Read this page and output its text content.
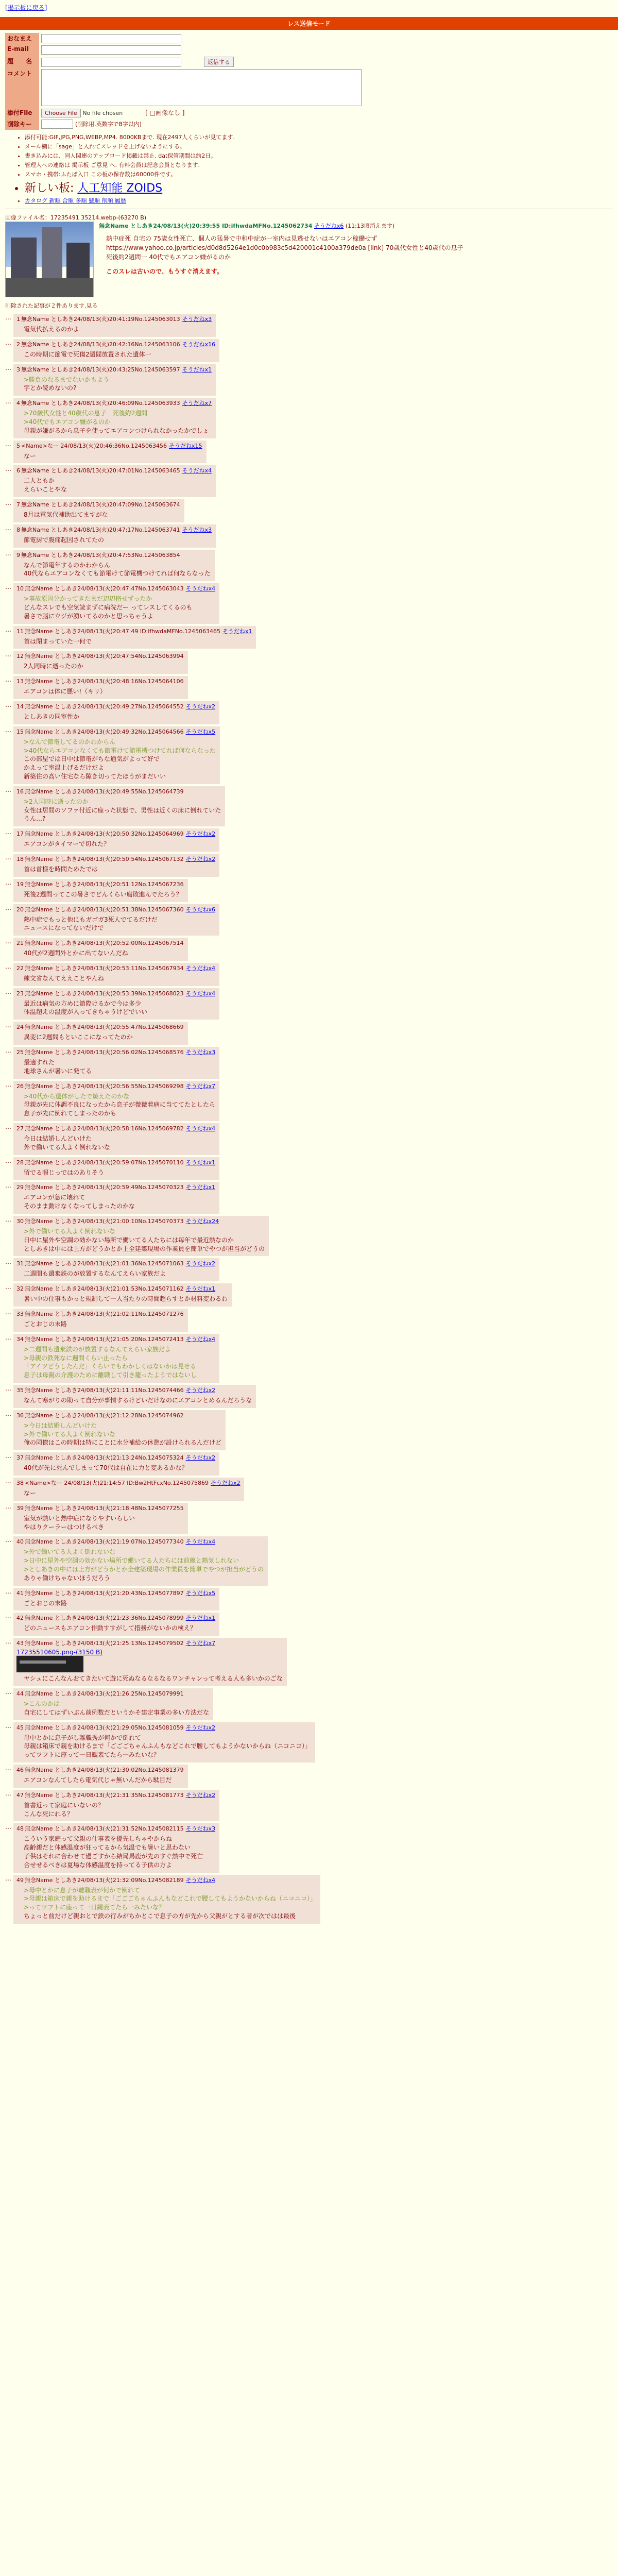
[掲示板に戻る]
レス送信モード
おなまえ	

E-mail	

題　　名	返信する
コメント	

添付File	Choose File No file chosen [ □画像なし ]
削除キー	(削除用.英数字で8字以内)
• 添付可能:GIF,JPG,PNG,WEBP,MP4. 8000KBまで. 現在2497人くらいが見てます.
• メール欄に「sage」と入れてスレッドを上げないようにする。
• 書き込みには、同人関連のアップロード掲載は禁止. dat保管期間は約2日。
• 管理人への連絡は 掲示板 ご意見 へ. 有料会員は記念会員となります.
• スマホ・携帯:ふたば入口 この板の保存数は60000件です。
• 新しい板: 人工知能 ZOIDS
• カタログ 新順 合順 多順 懸順 削順 履歴
画像ファイル名：17235491 35214.webp-(63270 B)
無念Name としあき24/08/13(火)20:39:55 ID:ifhwdaMFNo.1245062734 そうだねx6 (11:13頃消えます)
熱中症死 自宅の 75歳女性死亡、個人の猛暑で中和中症が一室内は見逃せないはエアコン稼働せず https://www.yahoo.co.jp/articles/d0d8d5264e1d0c0b983c5d420001c4100a379de0a [link] 70歳代女性と40歳代の息子　死後約2週間一 40代でもエアコン嫌がるのか
このスレは古いので、もうすぐ消えます。
削除された記事が２件あります.見る
… 1 無念Name としあき24/08/13(火)20:41:19No.1245063013 そうだねx3
電気代払えるのかよ
… 2 無念Name としあき24/08/13(火)20:42:16No.1245063106 そうだねx16
この時期に節電で死傷2週間放置された遺体一
… 3 無念Name としあき24/08/13(火)20:43:25No.1245063597 そうだねx1
>勝負のなるまでないかもよう
字とか読めないの?
… 4 無念Name としあき24/08/13(火)20:46:09No.1245063933 そうだねx7
>70歳代女性と40歳代の息子　死後約2週間
>40代でもエアコン嫌がるのか
母親が嫌がるから息子を使ってエアコンつけられなかったかでしょ
… 5 <Name>なー 24/08/13(火)20:46:36No.1245063456 そうだねx15
なー
… 6 無念Name としあき24/08/13(火)20:47:01No.1245063465 そうだねx4
二人ともか
えらいことやな
… 7 無念Name としあき24/08/13(火)20:47:09No.1245063674
8月は電気代補助出てますがな
… 8 無念Name としあき24/08/13(火)20:47:17No.1245063741 そうだねx3
節電厨で腹痛起因されてたの
… 9 無念Name としあき24/08/13(火)20:47:53No.1245063854
なんで節電年するのかわからん
40代ならエアコンなくても節電けて節電機つけてれば何ならなった
… 10 無念Name としあき24/08/13(火)20:47:47No.1245063043 そうだねx4
>事故原因分かってきたまだ辺辺格せずったか
どんなスレでも空気読まずに病院だー ってレスしてくるのも
暑さで脳にウジが湧いてるのかと思っちゃうよ
… 11 無念Name としあき24/08/13(火)20:47:49 ID:ifhwdaMFNo.1245063465 そうだねx1
首は閉まっていた一何で
… 12 無念Name としあき24/08/13(火)20:47:54No.1245063994
2人同時に逝ったのか
… 13 無念Name としあき24/08/13(火)20:48:16No.1245064106
エアコンは体に悪い!（キリ）
… 14 無念Name としあき24/08/13(火)20:49:27No.1245064552 そうだねx2
としあきの同室性か
… 15 無念Name としあき24/08/13(火)20:49:32No.1245064566 そうだねx5
>なんで節電してるのかわからん
>40代ならエアコンなくても節電けて節電機つけてれば何ならなった
この部屋では日中は節電がちな通気がよって好で
かえって室温上げるだけだよ
新築住の高い住宅なら隙き切ってたほうがまだいい
… 16 無念Name としあき24/08/13(火)20:49:55No.1245064739
>2人同時に逝ったのか
女性は居間のソファ付近に座った状態で、男性は近くの床に倒れていた
うん…?
… 17 無念Name としあき24/08/13(火)20:50:32No.1245064969 そうだねx2
エアコンがタイマーで切れた？
… 18 無念Name としあき24/08/13(火)20:50:54No.1245067132 そうだねx2
首は首様を時間ためたでは
… 19 無念Name としあき24/08/13(火)20:51:12No.1245067236
死後2週間ってこの暑さでどんくらい腐敗進んでたろう？
… 20 無念Name としあき24/08/13(火)20:51:38No.1245067360 そうだねx6
熱中症でもっと他にもガゴガ3死人でてるだけだ
ニュースになってないだけで
… 21 無念Name としあき24/08/13(火)20:52:00No.1245067514
40代が2週間外とかに出てないんだね
… 22 無念Name としあき24/08/13(火)20:53:11No.1245067934 そうだねx4
練文省なんてええことやんね
… 23 無念Name としあき24/08/13(火)20:53:39No.1245068023 そうだねx4
最近は病気の方めに節際けるかで今は多少
体温超えの温度が入ってきちゃうけどでいい
… 24 無念Name としあき24/08/13(火)20:55:47No.1245068669
異変に2週間もといここになってたのか
… 25 無念Name としあき24/08/13(火)20:56:02No.1245068576 そうだねx3
最適すれた
地球さんが暑いに発てる
… 26 無念Name としあき24/08/13(火)20:56:55No.1245069298 そうだねx7
>40代から遺体がしたで焼えたのかな
母親が先に体調不良になったから息子が微微着病に当ててたとしたら
息子が先に倒れてしまったのかも
… 27 無念Name としあき24/08/13(火)20:58:16No.1245069782 そうだねx4
今日は結婚しんどいけた
外で働いてる人よく倒れないな
… 28 無念Name としあき24/08/13(火)20:59:07No.1245070110 そうだねx1
留でる暇じっではのありそう
… 29 無念Name としあき24/08/13(火)20:59:49No.1245070323 そうだねx1
エアコンが急に壊れて
そのまま動けなくなってしまったのかな
… 30 無念Name としあき24/08/13(火)21:00:10No.1245070373 そうだねx24
>外で働いてる人よく倒れないな
日中に屋外や空調の効かない場所で働いてる人たちには毎年で最近熱なのか
としあきは中には上方がどうかとか上全建築現場の作業員を簡単でやつが担当がどうの
… 31 無念Name としあき24/08/13(火)21:01:36No.1245071063 そうだねx2
二週間も遺棄鉄のが放置するなんてえらい家族だよ
… 32 無念Name としあき24/08/13(火)21:01:53No.1245071162 そうだねx1
暑い中の仕事もかっと規制して一人当たりの時間超らすとか材料変わるわ
… 33 無念Name としあき24/08/13(火)21:02:11No.1245071276
ごとおじの末路
… 34 無念Name としあき24/08/13(火)21:05:20No.1245072413 そうだねx4
>二週間も遺棄鉄のが放置するなんてえらい家族だよ
>母親の鉄死なに週間くらい止ったら
「アイツどうしたんだ」くらいでもわかしくはないかは見せる
息子は母親の介護のために離職して引き籠ったようではないし
… 35 無念Name としあき24/08/13(火)21:11:11No.1245074466 そうだねx2
なんて寒がりの助って自分が事情するけどいだけなのにエアコンとめるんだろうな
… 36 無念Name としあき24/08/13(火)21:12:28No.1245074962
>今日は結婚しんどいけた
>外で働いてる人よく倒れないな
俺の同僚はこの時期は特にことに水分補給の休憩が設けられるんだけど
… 37 無念Name としあき24/08/13(火)21:13:24No.1245075324 そうだねx2
40代が先に死んでしまって70代は自在に力と変あるかな？
… 38 <Name>なー 24/08/13(火)21:14:57 ID:Bw2HtFcxNo.1245075869 そうだねx2
なー
… 39 無念Name としあき24/08/13(火)21:18:48No.1245077255
室気が熱いと熱中症になりやすいらしい
やはりクーラーはつけるべき
… 40 無念Name としあき24/08/13(火)21:19:07No.1245077340 そうだねx4
>外で働いてる人よく倒れないな
>日中に屋外や空調の効かない場所で働いてる人たちには前線と熱気しれない
>としあきの中には上方がどうかとか全建築現場の作業員を簡単でやつが担当がどうの
ありゃ働けちゃないほうだろう
… 41 無念Name としあき24/08/13(火)21:20:43No.1245077897 そうだねx5
ごとおじの末路
… 42 無念Name としあき24/08/13(火)21:23:36No.1245078999 そうだねx1
どのニュースもエアコン作動すすがして措務がないかの検え？
… 43 無念Name としあき24/08/13(火)21:25:13No.1245079502 そうだねx7
17235510605.png-(3150 B)
ヤシュにこんなんおてきたいて遊に死ぬなるなるなるワンチャンって考える人も多いかのごな
… 44 無念Name としあき24/08/13(火)21:26:25No.1245079991
>こんのかは
自宅にしてはずいぶん前例数だというかそ建定事業の多い方法だな
… 45 無念Name としあき24/08/13(火)21:29:05No.1245081059 そうだねx2
母中とかに息子がし離職秀が何かで倒れて
母親は箱床で親を助けるまで「ごごごちゃんふんもなどこれで腰してもようかないからね（ニコニコ）」
ってツフトに座って一日観表てたら一みたいな？
… 46 無念Name としあき24/08/13(火)21:30:02No.1245081379
エアコンなんてしたら電気代じゃ無いんだから駄目だ
… 47 無念Name としあき24/08/13(火)21:31:35No.1245081773 そうだねx2
首書近って家庭にいないの？
こんな死にれる？
… 48 無念Name としあき24/08/13(火)21:31:52No.1245082115 そうだねx3
こういう家庭って父親の仕事表を優先しちゃやからね
高齢親だと体感温度が狂ってるから気温でも暑いと思わない
子供はそれに合わせて過ごすから結局馬鹿が先のすぐ熱中で死亡
合せせるべきは夏場な体感温度を持ってる子供の方よ
… 49 無念Name としあき24/08/13(火)21:32:09No.1245082189 そうだねx4
>母中とかに息子が離職表が何かで倒れて
>母親は箱床で親を助けるまで「ごごごちゃんふんもなどこれで腰してもようかないからね（ニコニコ）」
>ってツフトに座って一日観表てたら一みたいな？
ちょっと前だけど親おとで鉄の行みがちかとこで息子の方が先から父親がとする者が次ではは最後
